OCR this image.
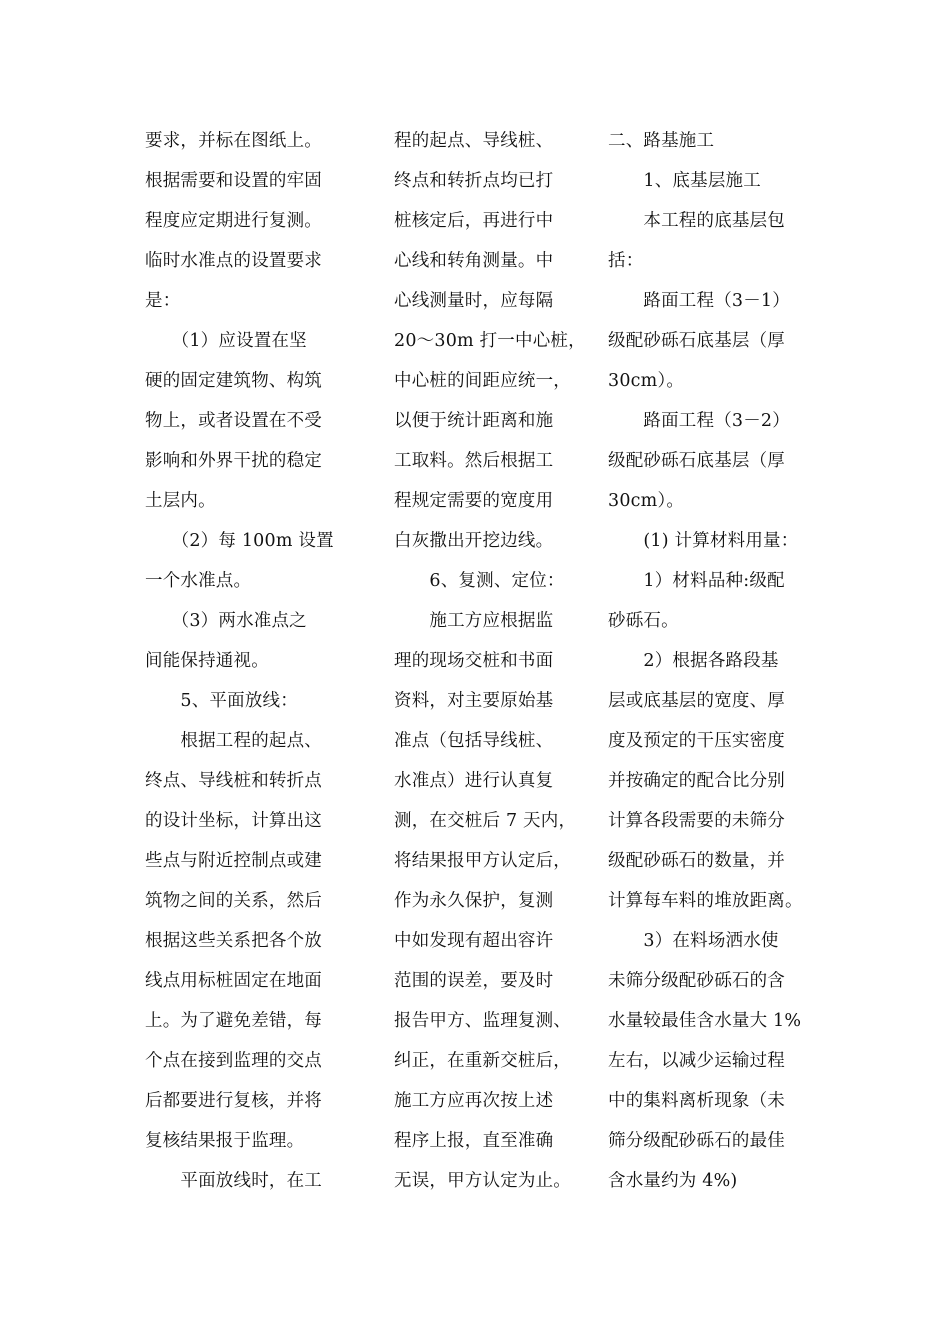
要求，并标在图纸上。
根据需要和设置的牢固
程度应定期进行复测。
临时水准点的设置要求
是：
　　（1）应设置在坚
硬的固定建筑物、构筑
物上，或者设置在不受
影响和外界干扰的稳定
土层内。
　　（2）每 100m 设置
一个水准点。
　　（3）两水准点之
间能保持通视。
　　5、平面放线：
　　根据工程的起点、
终点、导线桩和转折点
的设计坐标，计算出这
些点与附近控制点或建
筑物之间的关系，然后
根据这些关系把各个放
线点用标桩固定在地面
上。为了避免差错，每
个点在接到监理的交点
后都要进行复核，并将
复核结果报于监理。
　　平面放线时，在工
程的起点、导线桩、
终点和转折点均已打
桩核定后，再进行中
心线和转角测量。中
心线测量时，应每隔
20～30m 打一中心桩，
中心桩的间距应统一，
以便于统计距离和施
工取料。然后根据工
程规定需要的宽度用
白灰撒出开挖边线。
　　6、复测、定位：
　　施工方应根据监
理的现场交桩和书面
资料，对主要原始基
准点（包括导线桩、
水准点）进行认真复
测，在交桩后 7 天内，
将结果报甲方认定后，
作为永久保护，复测
中如发现有超出容许
范围的误差，要及时
报告甲方、监理复测、
纠正，在重新交桩后，
施工方应再次按上述
程序上报，直至准确
无误，甲方认定为止。
二、路基施工
　　1、底基层施工
　　本工程的底基层包
括：
　　路面工程（3－1）
级配砂砾石底基层（厚
30cm）。
　　路面工程（3－2）
级配砂砾石底基层（厚
30cm）。
　　(1) 计算材料用量：
　　1）材料品种:级配
砂砾石。
　　2）根据各路段基
层或底基层的宽度、厚
度及预定的干压实密度
并按确定的配合比分别
计算各段需要的未筛分
级配砂砾石的数量，并
计算每车料的堆放距离。
　　3）在料场洒水使
未筛分级配砂砾石的含
水量较最佳含水量大 1%
左右，以减少运输过程
中的集料离析现象（未
筛分级配砂砾石的最佳
含水量约为 4%)
